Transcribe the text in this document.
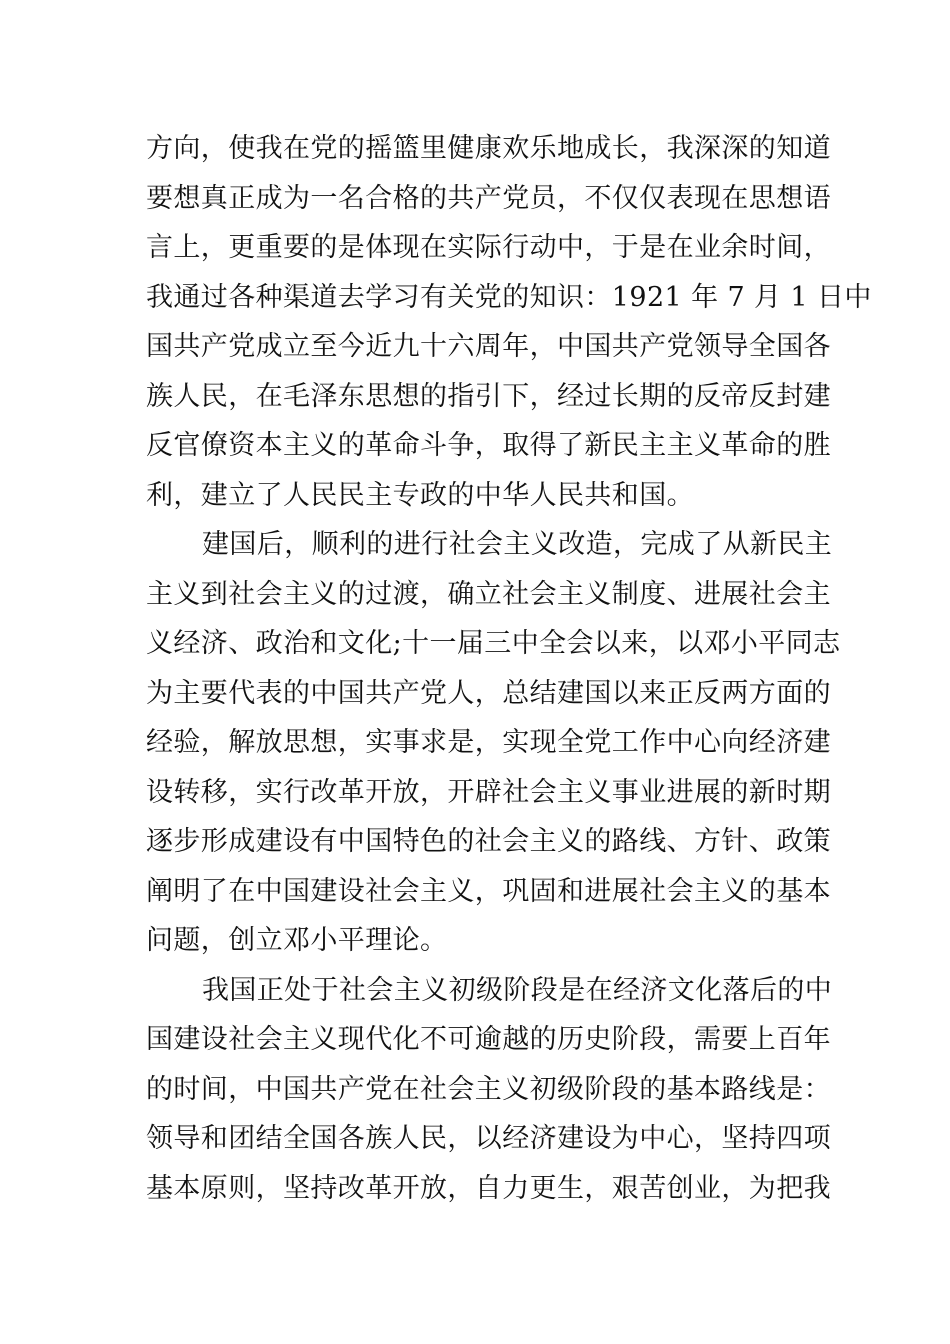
方向，使我在党的摇篮里健康欢乐地成长，我深深的知道
要想真正成为一名合格的共产党员，不仅仅表现在思想语
言上，更重要的是体现在实际行动中，于是在业余时间，
我通过各种渠道去学习有关党的知识：1921 年 7 月 1 日中
国共产党成立至今近九十六周年，中国共产党领导全国各
族人民，在毛泽东思想的指引下，经过长期的反帝反封建
反官僚资本主义的革命斗争，取得了新民主主义革命的胜
利，建立了人民民主专政的中华人民共和国。
建国后，顺利的进行社会主义改造，完成了从新民主
主义到社会主义的过渡，确立社会主义制度、进展社会主
义经济、政治和文化;十一届三中全会以来，以邓小平同志
为主要代表的中国共产党人，总结建国以来正反两方面的
经验，解放思想，实事求是，实现全党工作中心向经济建
设转移，实行改革开放，开辟社会主义事业进展的新时期
逐步形成建设有中国特色的社会主义的路线、方针、政策
阐明了在中国建设社会主义，巩固和进展社会主义的基本
问题，创立邓小平理论。
我国正处于社会主义初级阶段是在经济文化落后的中
国建设社会主义现代化不可逾越的历史阶段，需要上百年
的时间，中国共产党在社会主义初级阶段的基本路线是：
领导和团结全国各族人民，以经济建设为中心，坚持四项
基本原则，坚持改革开放，自力更生，艰苦创业，为把我
